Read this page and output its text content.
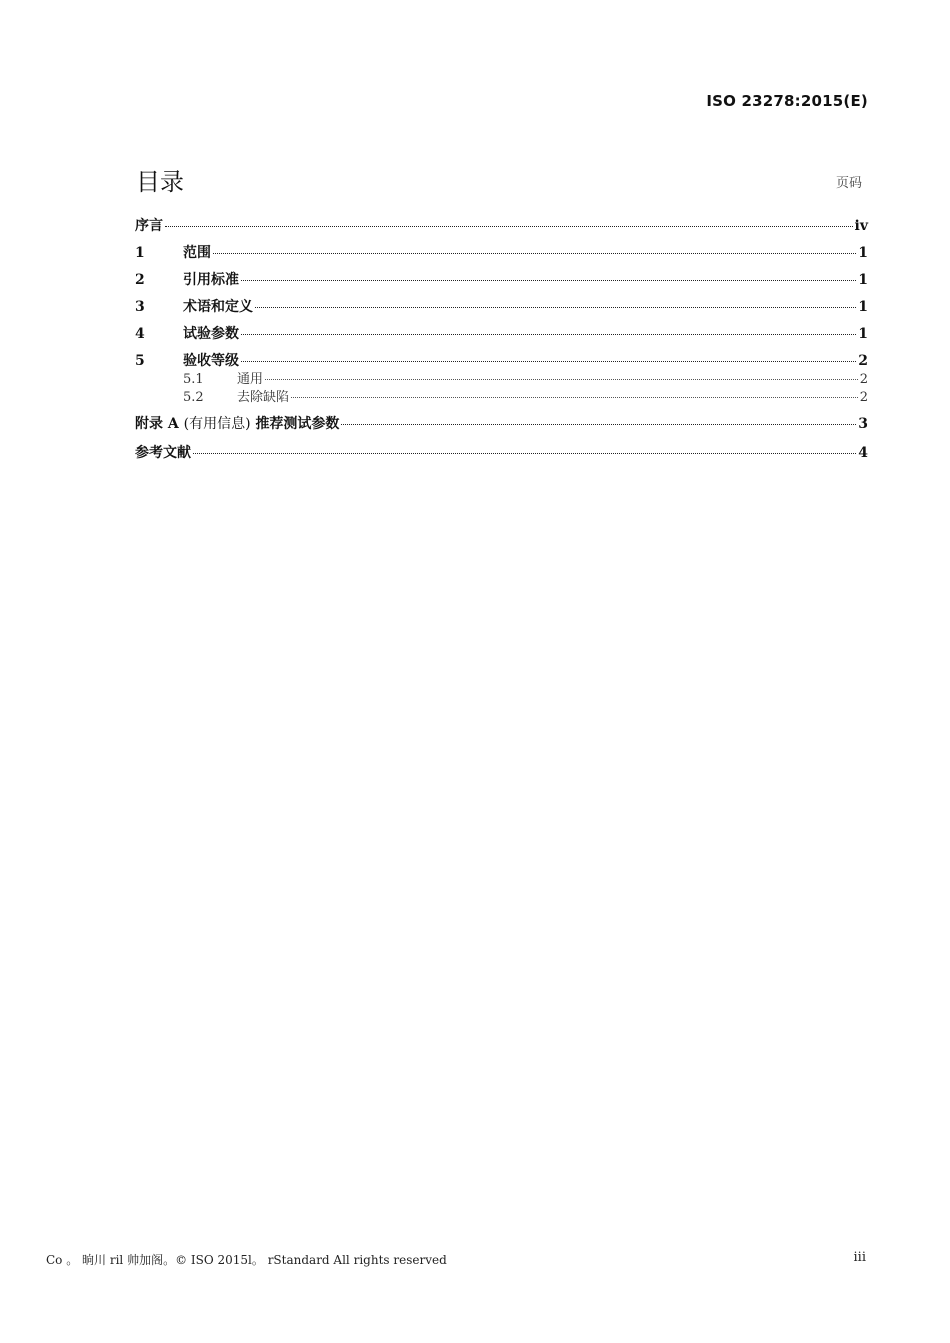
ISO 23278:2015(E)
目录	页码
序言	iv
1	范围	1
2	引用标准	1
3	术语和定义	1
4	试验参数	1
5	验收等级	2
5.1	通用	2
5.2	去除缺陷	2
附录 A (有用信息) 推荐测试参数	3
参考文献	4
Co 。 晌川 ril 帅加阁。© ISO 2015l。 rStandard All rights reserved	iii
